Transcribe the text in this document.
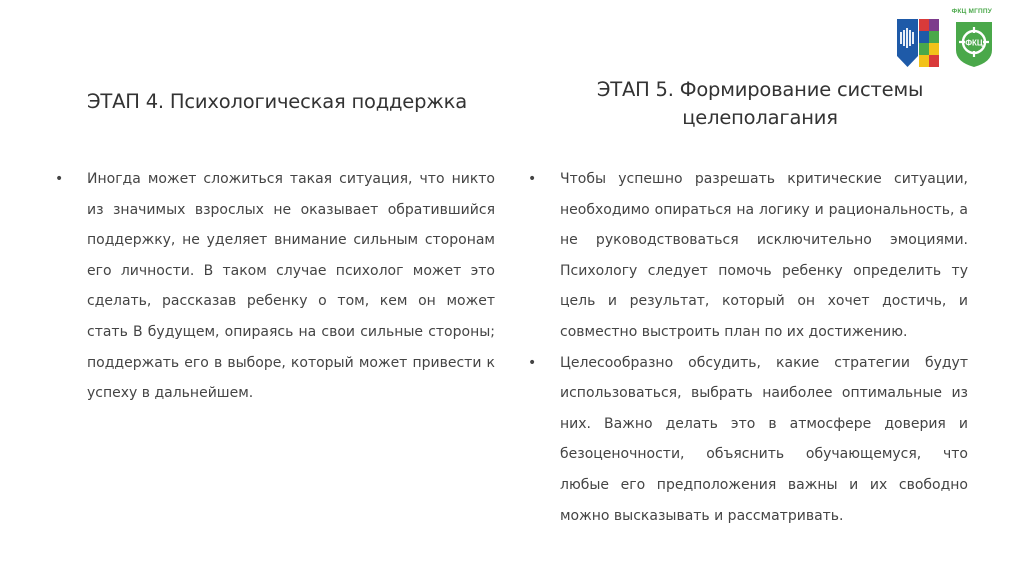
ФКЦ МГППУ
ФКЦ
ЭТАП 4. Психологическая поддержка
ЭТАП 5. Формирование системы целеполагания
• Иногда может сложиться такая ситуация, что никто из значимых взрослых не оказывает обратившийся поддержку, не уделяет внимание сильным сторонам его личности. В таком случае психолог может это сделать, рассказав ребенку о том, кем он может стать В будущем, опираясь на свои сильные стороны; поддержать его в выборе, который может привести к успеху в дальнейшем.

• Чтобы успешно разрешать критические ситуации, необходимо опираться на логику и рациональность, а не руководствоваться исключительно эмоциями. Психологу следует помочь ребенку определить ту цель и результат, который он хочет достичь, и совместно выстроить план по их достижению.

• Целесообразно обсудить, какие стратегии будут использоваться, выбрать наиболее оптимальные из них. Важно делать это в атмосфере доверия и безоценочности, объяснить обучающемуся, что любые его предположения важны и их свободно можно высказывать и рассматривать.
